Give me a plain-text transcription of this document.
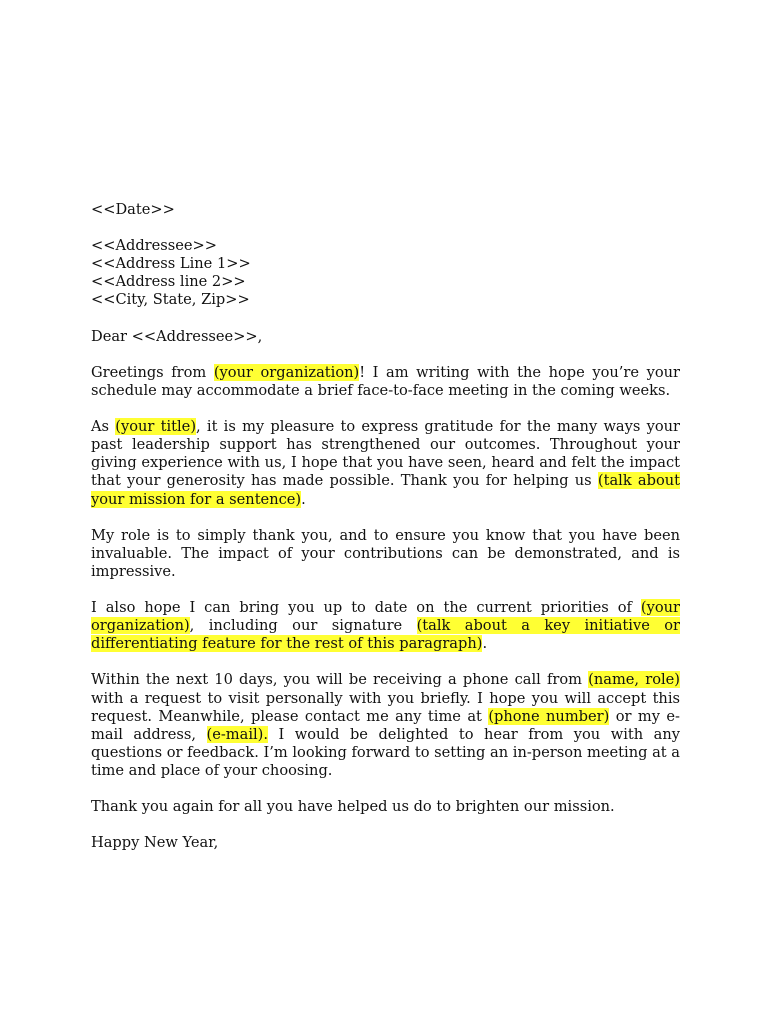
<<Date>>

<<Addressee>>
<<Address Line 1>>
<<Address line 2>>
<<City, State, Zip>>

Dear <<Addressee>>,

Greetings from (your organization)! I am writing with the hope you’re your schedule may accommodate a brief face-to-face meeting in the coming weeks.

As (your title), it is my pleasure to express gratitude for the many ways your past leadership support has strengthened our outcomes. Throughout your giving experience with us, I hope that you have seen, heard and felt the impact that your generosity has made possible. Thank you for helping us (talk about your mission for a sentence).

My role is to simply thank you, and to ensure you know that you have been invaluable. The impact of your contributions can be demonstrated, and is impressive.

I also hope I can bring you up to date on the current priorities of (your organization), including our signature (talk about a key initiative or differentiating feature for the rest of this paragraph).

Within the next 10 days, you will be receiving a phone call from (name, role) with a request to visit personally with you briefly. I hope you will accept this request. Meanwhile, please contact me any time at (phone number) or my e-mail address, (e-mail). I would be delighted to hear from you with any questions or feedback. I’m looking forward to setting an in-person meeting at a time and place of your choosing.

Thank you again for all you have helped us do to brighten our mission.

Happy New Year,
